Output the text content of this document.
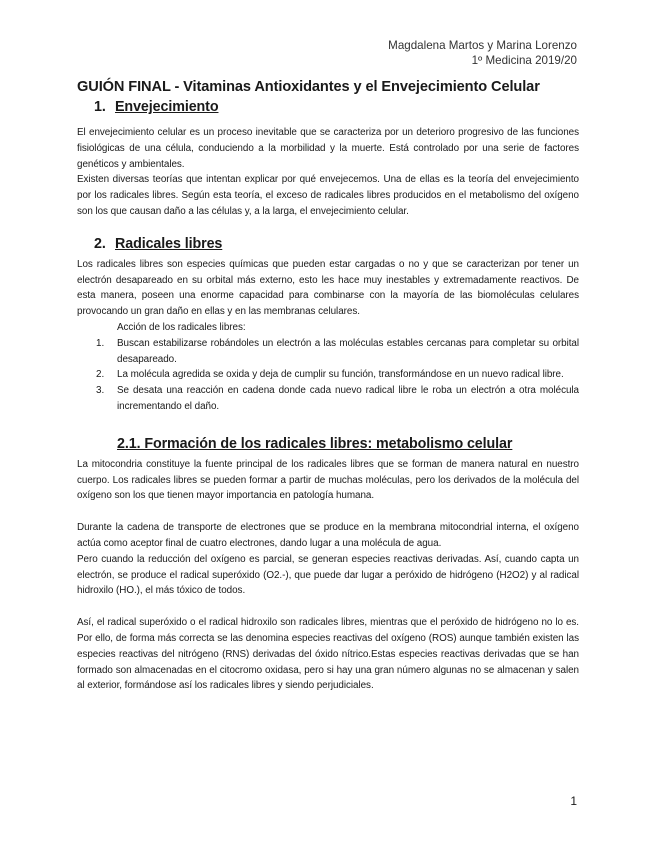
Magdalena Martos y Marina Lorenzo
1º Medicina 2019/20
GUIÓN FINAL - Vitaminas Antioxidantes y el Envejecimiento Celular
1. Envejecimiento

El envejecimiento celular es un proceso inevitable que se caracteriza por un deterioro progresivo de las funciones fisiológicas de una célula, conduciendo a la morbilidad y la muerte. Está controlado por una serie de factores genéticos y ambientales.

Existen diversas teorías que intentan explicar por qué envejecemos. Una de ellas es la teoría del envejecimiento por los radicales libres. Según esta teoría, el exceso de radicales libres producidos en el metabolismo del oxígeno son los que causan daño a las células y, a la larga, el envejecimiento celular.

2. Radicales libres

Los radicales libres son especies químicas que pueden estar cargadas o no y que se caracterizan por tener un electrón desapareado en su orbital más externo, esto les hace muy inestables y extremadamente reactivos. De esta manera, poseen una enorme capacidad para combinarse con la mayoría de las biomoléculas celulares provocando un gran daño en ellas y en las membranas celulares.

Acción de los radicales libres:
1. Buscan estabilizarse robándoles un electrón a las moléculas estables cercanas para completar su orbital desapareado.
2. La molécula agredida se oxida y deja de cumplir su función, transformándose en un nuevo radical libre.
3. Se desata una reacción en cadena donde cada nuevo radical libre le roba un electrón a otra molécula incrementando el daño.
2.1. Formación de los radicales libres: metabolismo celular

La mitocondria constituye la fuente principal de los radicales libres que se forman de manera natural en nuestro cuerpo. Los radicales libres se pueden formar a partir de muchas moléculas, pero los derivados de la molécula del oxígeno son los que tienen mayor importancia en patología humana.

Durante la cadena de transporte de electrones que se produce en la membrana mitocondrial interna, el oxígeno actúa como aceptor final de cuatro electrones, dando lugar a una molécula de agua.

Pero cuando la reducción del oxígeno es parcial, se generan especies reactivas derivadas. Así, cuando capta un electrón, se produce el radical superóxido (O2.-), que puede dar lugar a peróxido de hidrógeno (H2O2) y al radical hidroxilo (HO.), el más tóxico de todos.

Así, el radical superóxido o el radical hidroxilo son radicales libres, mientras que el peróxido de hidrógeno no lo es. Por ello, de forma más correcta se las denomina especies reactivas del oxígeno (ROS) aunque también existen las especies reactivas del nitrógeno (RNS) derivadas del óxido nítrico.Estas especies reactivas derivadas que se han formado son almacenadas en el citocromo oxidasa, pero si hay una gran número algunas no se almacenan y salen al exterior, formándose así los radicales libres y siendo perjudiciales.

1
